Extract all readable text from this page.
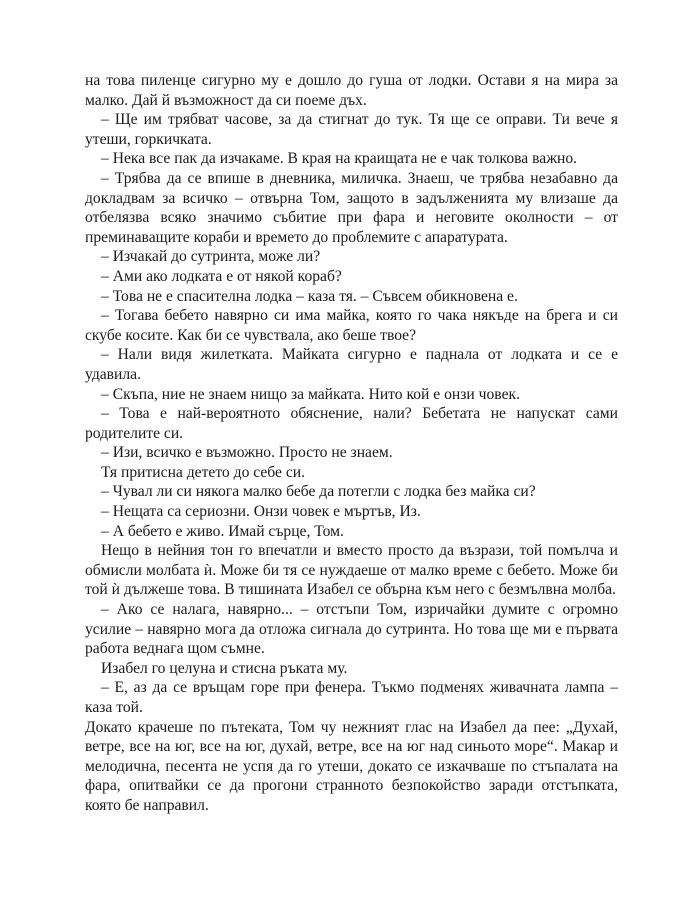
на това пиленце сигурно му е дошло до гуша от лодки. Остави я на мира за малко. Дай й възможност да си поеме дъх.

– Ще им трябват часове, за да стигнат до тук. Тя ще се оправи. Ти вече я утеши, горкичката.

– Нека все пак да изчакаме. В края на краищата не е чак толкова важно.

– Трябва да се впише в дневника, миличка. Знаеш, че трябва незабавно да докладвам за всичко – отвърна Том, защото в задълженията му влизаше да отбелязва всяко значимо събитие при фара и неговите околности – от преминаващите кораби и времето до проблемите с апаратурата.

– Изчакай до сутринта, може ли?

– Ами ако лодката е от някой кораб?

– Това не е спасителна лодка – каза тя. – Съвсем обикновена е.

– Тогава бебето навярно си има майка, която го чака някъде на брега и си скубе косите. Как би се чувствала, ако беше твое?

– Нали видя жилетката. Майката сигурно е паднала от лодката и се е удавила.

– Скъпа, ние не знаем нищо за майката. Нито кой е онзи човек.

– Това е най-вероятното обяснение, нали? Бебетата не напускат сами родителите си.

– Изи, всичко е възможно. Просто не знаем.

Тя притисна детето до себе си.

– Чувал ли си някога малко бебе да потегли с лодка без майка си?

– Нещата са сериозни. Онзи човек е мъртъв, Из.

– А бебето е живо. Имай сърце, Том.

Нещо в нейния тон го впечатли и вместо просто да възрази, той помълча и обмисли молбата ѝ. Може би тя се нуждаеше от малко време с бебето. Може би той ѝ дължеше това. В тишината Изабел се обърна към него с безмълвна молба.

– Ако се налага, навярно... – отстъпи Том, изричайки думите с огромно усилие – навярно мога да отложа сигнала до сутринта. Но това ще ми е първата работа веднага щом съмне.

Изабел го целуна и стисна ръката му.

– Е, аз да се връщам горе при фенера. Тъкмо подменях живачната лампа – каза той.

Докато крачеше по пътеката, Том чу нежният глас на Изабел да пее: „Духай, ветре, все на юг, все на юг, духай, ветре, все на юг над синьото море“. Макар и мелодична, песента не успя да го утеши, докато се изкачваше по стъпалата на фара, опитвайки се да прогони странното безпокойство заради отстъпката, която бе направил.
